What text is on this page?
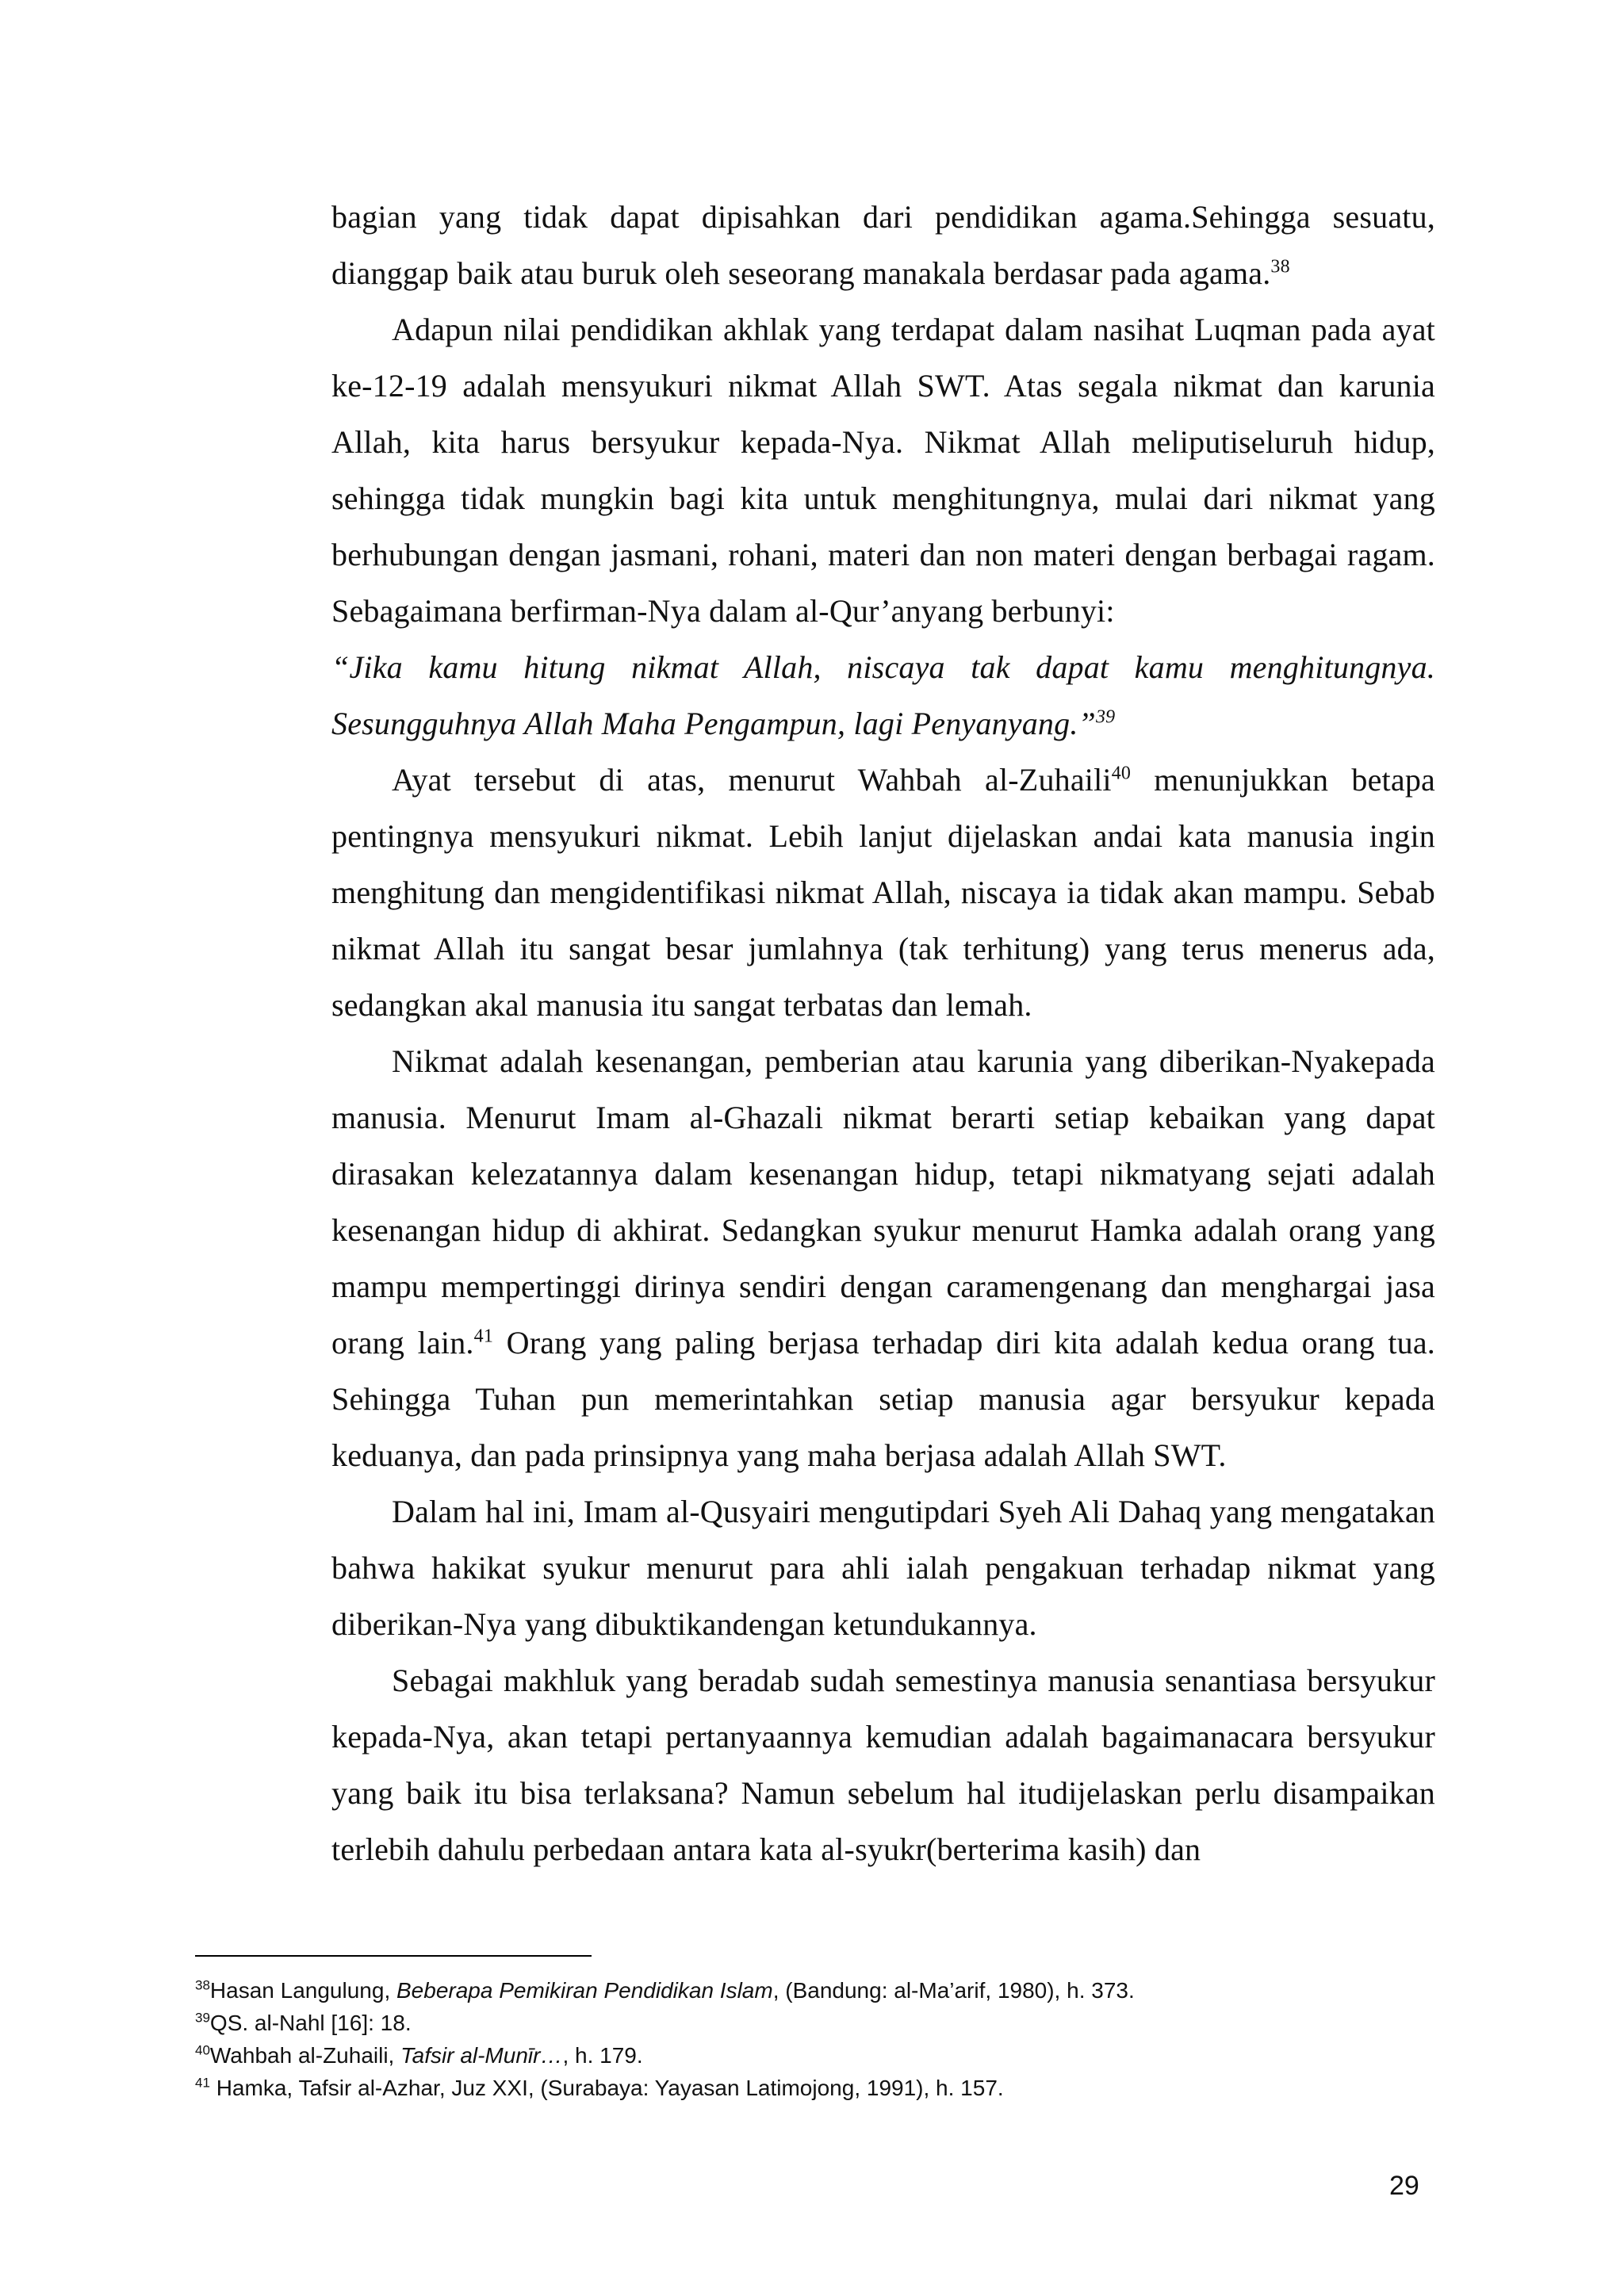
bagian yang tidak dapat dipisahkan dari pendidikan agama.Sehingga sesuatu, dianggap baik atau buruk oleh seseorang manakala berdasar pada agama.$^{38}$

Adapun nilai pendidikan akhlak yang terdapat dalam nasihat Luqman pada ayat ke-12-19 adalah mensyukuri nikmat Allah SWT. Atas segala nikmat dan karunia Allah, kita harus bersyukur kepada-Nya. Nikmat Allah meliputiseluruh hidup, sehingga tidak mungkin bagi kita untuk menghitungnya, mulai dari nikmat yang berhubungan dengan jasmani, rohani, materi dan non materi dengan berbagai ragam. Sebagaimana berfirman-Nya dalam al-Qur’anyang berbunyi:

“Jika kamu hitung nikmat Allah, niscaya tak dapat kamu menghitungnya. Sesungguhnya Allah Maha Pengampun, lagi Penyanyang.”$^{39}$

Ayat tersebut di atas, menurut Wahbah al-Zuhaili$^{40}$ menunjukkan betapa pentingnya mensyukuri nikmat. Lebih lanjut dijelaskan andai kata manusia ingin menghitung dan mengidentifikasi nikmat Allah, niscaya ia tidak akan mampu. Sebab nikmat Allah itu sangat besar jumlahnya (tak terhitung) yang terus menerus ada, sedangkan akal manusia itu sangat terbatas dan lemah.

Nikmat adalah kesenangan, pemberian atau karunia yang diberikan-Nyakepada manusia. Menurut Imam al-Ghazali nikmat berarti setiap kebaikan yang dapat dirasakan kelezatannya dalam kesenangan hidup, tetapi nikmatyang sejati adalah kesenangan hidup di akhirat. Sedangkan syukur menurut Hamka adalah orang yang mampu mempertinggi dirinya sendiri dengan caramengenang dan menghargai jasa orang lain.$^{41}$ Orang yang paling berjasa terhadap diri kita adalah kedua orang tua. Sehingga Tuhan pun memerintahkan setiap manusia agar bersyukur kepada keduanya, dan pada prinsipnya yang maha berjasa adalah Allah SWT.

Dalam hal ini, Imam al-Qusyairi mengutipdari Syeh Ali Dahaq yang mengatakan bahwa hakikat syukur menurut para ahli ialah pengakuan terhadap nikmat yang diberikan-Nya yang dibuktikandengan ketundukannya.

Sebagai makhluk yang beradab sudah semestinya manusia senantiasa bersyukur kepada-Nya, akan tetapi pertanyaannya kemudian adalah bagaimanacara bersyukur yang baik itu bisa terlaksana? Namun sebelum hal itudijelaskan perlu disampaikan terlebih dahulu perbedaan antara kata al-syukr(berterima kasih) dan

$^{38}$Hasan Langulung, Beberapa Pemikiran Pendidikan Islam, (Bandung: al-Ma’arif, 1980), h. 373.
$^{39}$QS. al-Nahl [16]: 18.
$^{40}$Wahbah al-Zuhaili, Tafsir al-Munīr…, h. 179.
$^{41}$ Hamka, Tafsir al-Azhar, Juz XXI, (Surabaya: Yayasan Latimojong, 1991), h. 157.
29
